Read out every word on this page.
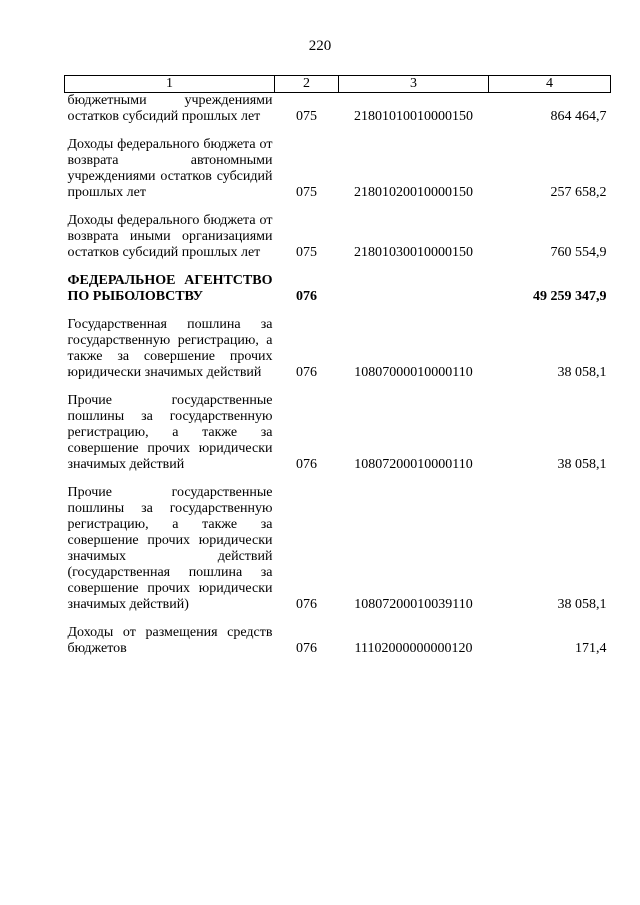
220
1	2	3	4
бюджетными учреждениями остатков субсидий прошлых лет	075	21801010010000150	864 464,7

Доходы федерального бюджета от возврата автономными учреждениями остатков субсидий прошлых лет	075	21801020010000150	257 658,2

Доходы федерального бюджета от возврата иными организациями остатков субсидий прошлых лет	075	21801030010000150	760 554,9

ФЕДЕРАЛЬНОЕ АГЕНТСТВО ПО РЫБОЛОВСТВУ	076		49 259 347,9

Государственная пошлина за государственную регистрацию, а также за совершение прочих юридически значимых действий	076	10807000010000110	38 058,1

Прочие государственные пошлины за государственную регистрацию, а также за совершение прочих юридически значимых действий	076	10807200010000110	38 058,1

Прочие государственные пошлины за государственную регистрацию, а также за совершение прочих юридически значимых действий (государственная пошлина за совершение прочих юридически значимых действий)	076	10807200010039110	38 058,1

Доходы от размещения средств бюджетов	076	11102000000000120	171,4
